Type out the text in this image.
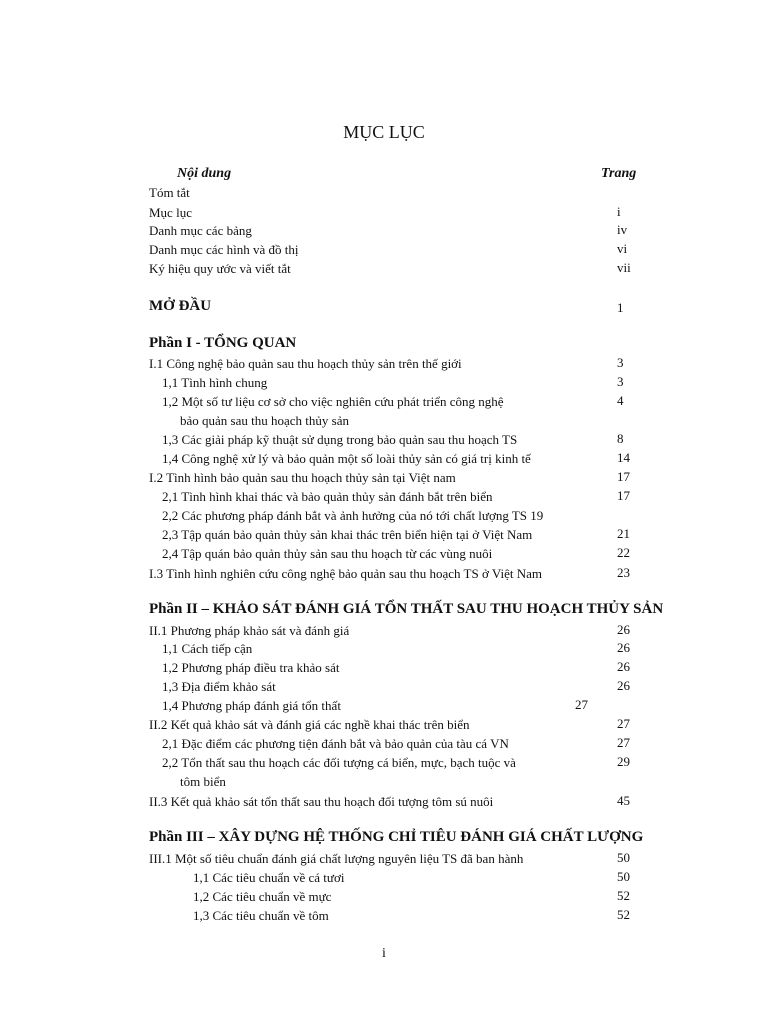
MỤC LỤC
Nội dung	Trang
Tóm tắt
Mục lục	i
Danh mục các bảng	iv
Danh mục các hình và đồ thị	vi
Ký hiệu quy ước và viết tắt	vii
MỞ ĐẦU	1
Phần I - TỔNG QUAN
I.1 Công nghệ bảo quản sau thu hoạch thủy sản trên thế giới	3
1,1 Tình hình chung	3
1,2 Một số tư liệu cơ sở cho việc nghiên cứu phát triển công nghệ	4
bảo quản sau thu hoạch thủy sản
1,3 Các giải pháp kỹ thuật sử dụng trong bảo quản sau thu hoạch TS	8
1,4 Công nghệ xử lý và bảo quản một số loài thủy sản có giá trị kinh tế	14
I.2 Tình hình bảo quản sau thu hoạch thủy sản tại Việt nam	17
2,1 Tình hình khai thác và bảo quản thủy sản đánh bắt trên biển	17
2,2 Các phương pháp đánh bắt và ảnh hưởng của nó tới chất lượng TS 19
2,3 Tập quán bảo quản thủy sản khai thác trên biển hiện tại ở Việt Nam	21
2,4 Tập quán bảo quản thủy sản sau thu hoạch từ các vùng nuôi	22
I.3 Tình hình nghiên cứu công nghệ bảo quản sau thu hoạch TS ở Việt Nam	23
Phần II – KHẢO SÁT ĐÁNH GIÁ TỔN THẤT SAU THU HOẠCH THỦY SẢN
II.1 Phương pháp khảo sát và đánh giá	26
1,1 Cách tiếp cận	26
1,2 Phương pháp điều tra khảo sát	26
1,3 Địa điểm khảo sát	26
1,4 Phương pháp đánh giá tổn thất	27
II.2 Kết quả khảo sát và đánh giá các nghề khai thác trên biển	27
2,1 Đặc điểm các phương tiện đánh bắt và bảo quản của tàu cá VN	27
2,2 Tổn thất sau thu hoạch các đối tượng cá biển, mực, bạch tuộc và	29
tôm biển
II.3 Kết quả khảo sát tổn thất sau thu hoạch đối tượng tôm sú nuôi	45
Phần III – XÂY DỰNG HỆ THỐNG CHỈ TIÊU ĐÁNH GIÁ CHẤT LƯỢNG
III.1 Một số tiêu chuẩn đánh giá chất lượng nguyên liệu TS đã ban hành	50
1,1 Các tiêu chuẩn về cá tươi	50
1,2 Các tiêu chuẩn về mực	52
1,3 Các tiêu chuẩn về tôm	52
i
